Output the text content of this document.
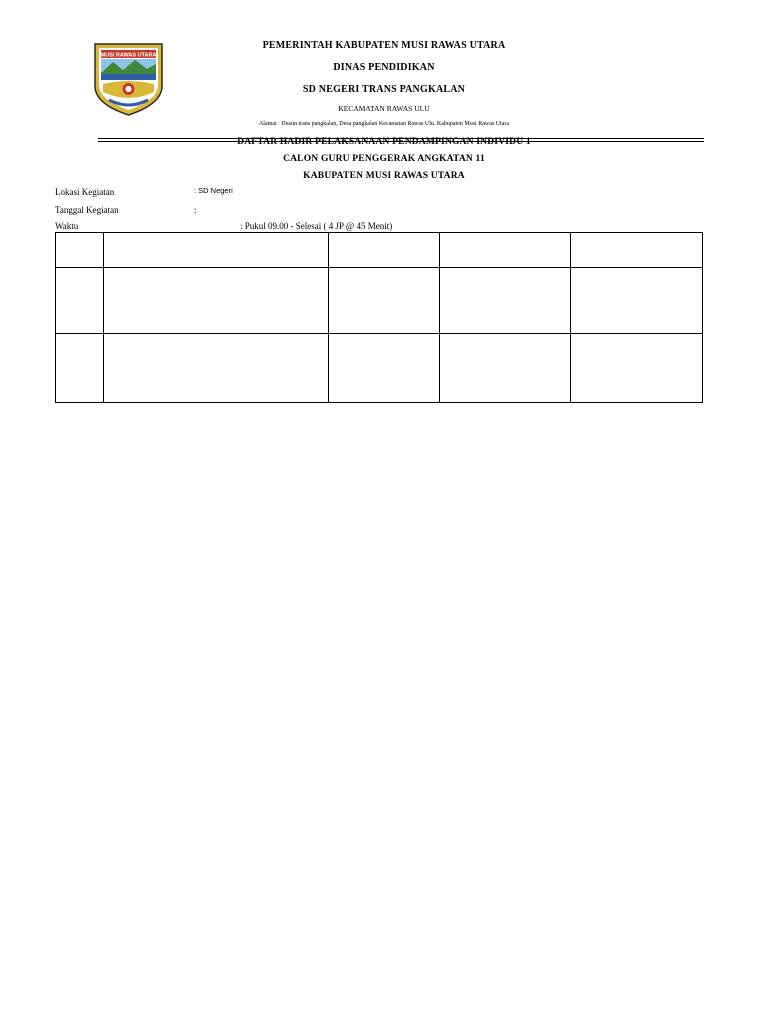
MUSI RAWAS UTARA
PEMERINTAH KABUPATEN MUSI RAWAS UTARA
DINAS PENDIDIKAN
SD NEGERI TRANS PANGKALAN
KECAMATAN RAWAS ULU
Alamat : Dusun trans pangkalan, Desa pangkalan Kecamatan Rawas Ulu. Kabupaten Musi Rawas Utara
DAFTAR HADIR PELAKSANAAN PENDAMPINGAN INDIVIDU 1
CALON GURU PENGGERAK ANGKATAN 11
KABUPATEN MUSI RAWAS UTARA
Lokasi Kegiatan	: SD Negeri
Tanggal Kegiatan	:
Waktu	: Pukul 09.00 - Selesai ( 4 JP @ 45 Menit)
